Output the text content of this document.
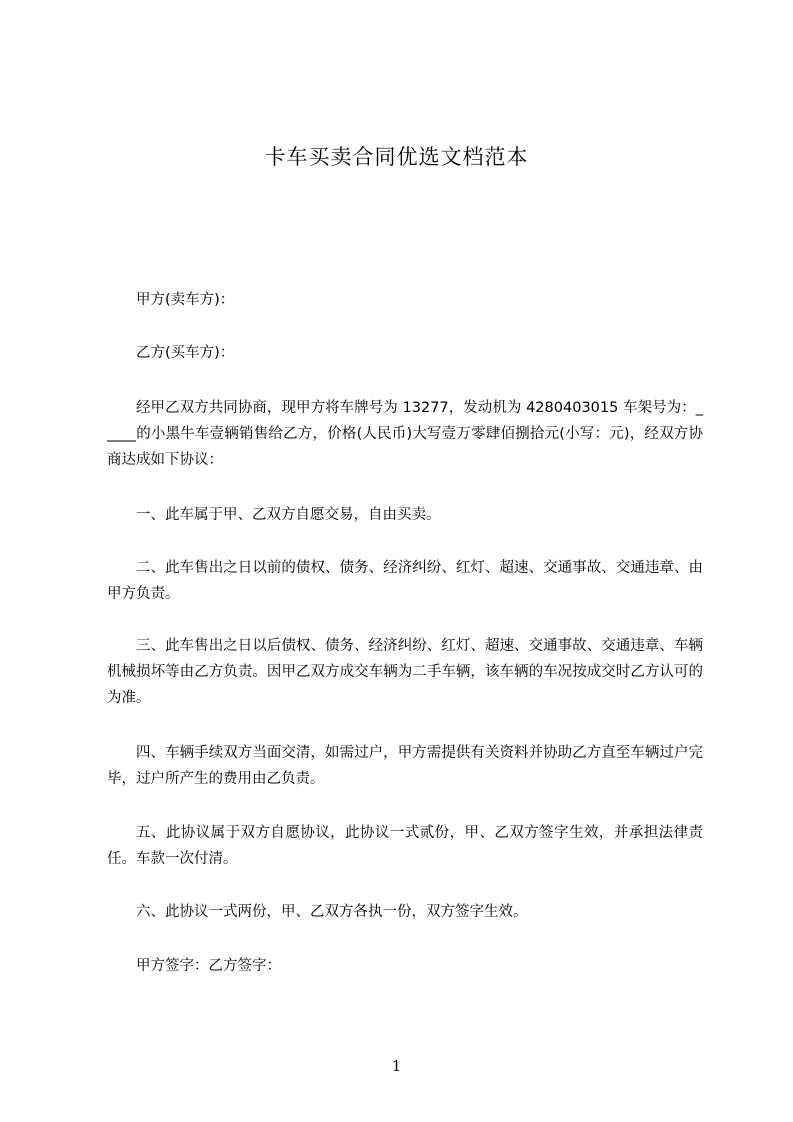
卡车买卖合同优选文档范本

甲方(卖车方)：

乙方(买车方)：

经甲乙双方共同协商，现甲方将车牌号为 13277，发动机为 4280403015 车架号为：_____的小黑牛车壹辆销售给乙方，价格(人民币)大写壹万零肆佰捌拾元(小写：元)，经双方协商达成如下协议：

一、此车属于甲、乙双方自愿交易，自由买卖。

二、此车售出之日以前的债权、债务、经济纠纷、红灯、超速、交通事故、交通违章、由甲方负责。

三、此车售出之日以后债权、债务、经济纠纷、红灯、超速、交通事故、交通违章、车辆机械损坏等由乙方负责。因甲乙双方成交车辆为二手车辆，该车辆的车况按成交时乙方认可的为准。

四、车辆手续双方当面交清，如需过户，甲方需提供有关资料并协助乙方直至车辆过户完毕，过户所产生的费用由乙负责。

五、此协议属于双方自愿协议，此协议一式贰份，甲、乙双方签字生效，并承担法律责任。车款一次付清。

六、此协议一式两份，甲、乙双方各执一份，双方签字生效。

甲方签字：乙方签字：

1
